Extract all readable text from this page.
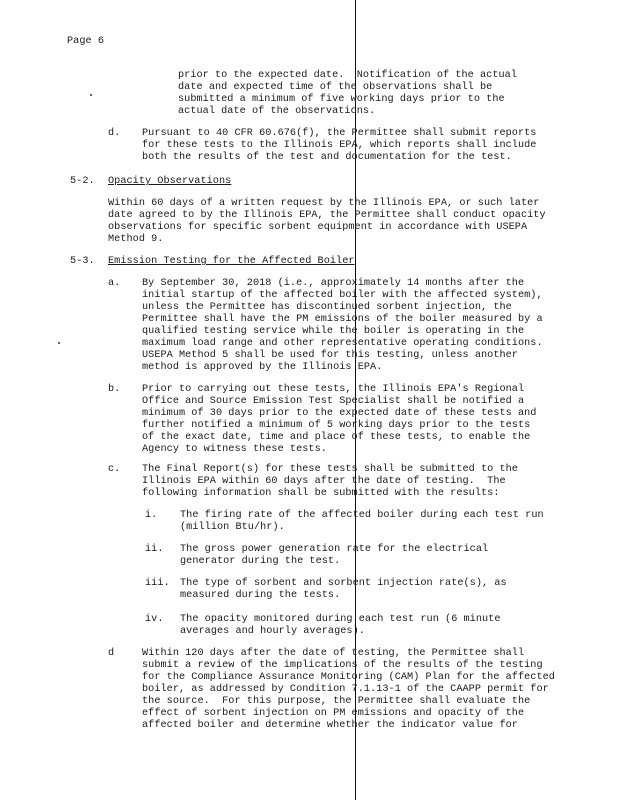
Page 6
prior to the expected date.  Notification of the actual
date and expected time of the observations shall be
submitted a minimum of five working days prior to the
actual date of the observations.
d. Pursuant to 40 CFR 60.676(f), the Permittee shall submit reports
for these tests to the Illinois EPA, which reports shall include
both the results of the test and documentation for the test.
5-2. Opacity Observations
Within 60 days of a written request by the Illinois EPA, or such later
date agreed to by the Illinois EPA, the Permittee shall conduct opacity
observations for specific sorbent equipment in accordance with USEPA
Method 9.
5-3. Emission Testing for the Affected Boiler
a. By September 30, 2018 (i.e., approximately 14 months after the
initial startup of the affected boiler with the affected system),
unless the Permittee has discontinued sorbent injection, the
Permittee shall have the PM emissions of the boiler measured by a
qualified testing service while the boiler is operating in the
maximum load range and other representative operating conditions.
USEPA Method 5 shall be used for this testing, unless another
method is approved by the Illinois EPA.
b. Prior to carrying out these tests, the Illinois EPA's Regional
Office and Source Emission Test Specialist shall be notified a
minimum of 30 days prior to the expected date of these tests and
further notified a minimum of 5 working days prior to the tests
of the exact date, time and place of these tests, to enable the
Agency to witness these tests.
c. The Final Report(s) for these tests shall be submitted to the
Illinois EPA within 60 days after the date of testing.  The
following information shall be submitted with the results:
i. The firing rate of the affected boiler during each test run
(million Btu/hr).
ii. The gross power generation rate for the electrical
generator during the test.
iii. The type of sorbent and sorbent injection rate(s), as
measured during the tests.
iv. The opacity monitored during each test run (6 minute
averages and hourly averages).
d	Within 120 days after the date of testing, the Permittee shall
submit a review of the implications of the results of the testing
for the Compliance Assurance Monitoring (CAM) Plan for the affected
boiler, as addressed by Condition 7.1.13-1 of the CAAPP permit for
the source.  For this purpose, the Permittee shall evaluate the
effect of sorbent injection on PM emissions and opacity of the
affected boiler and determine whether the indicator value for
